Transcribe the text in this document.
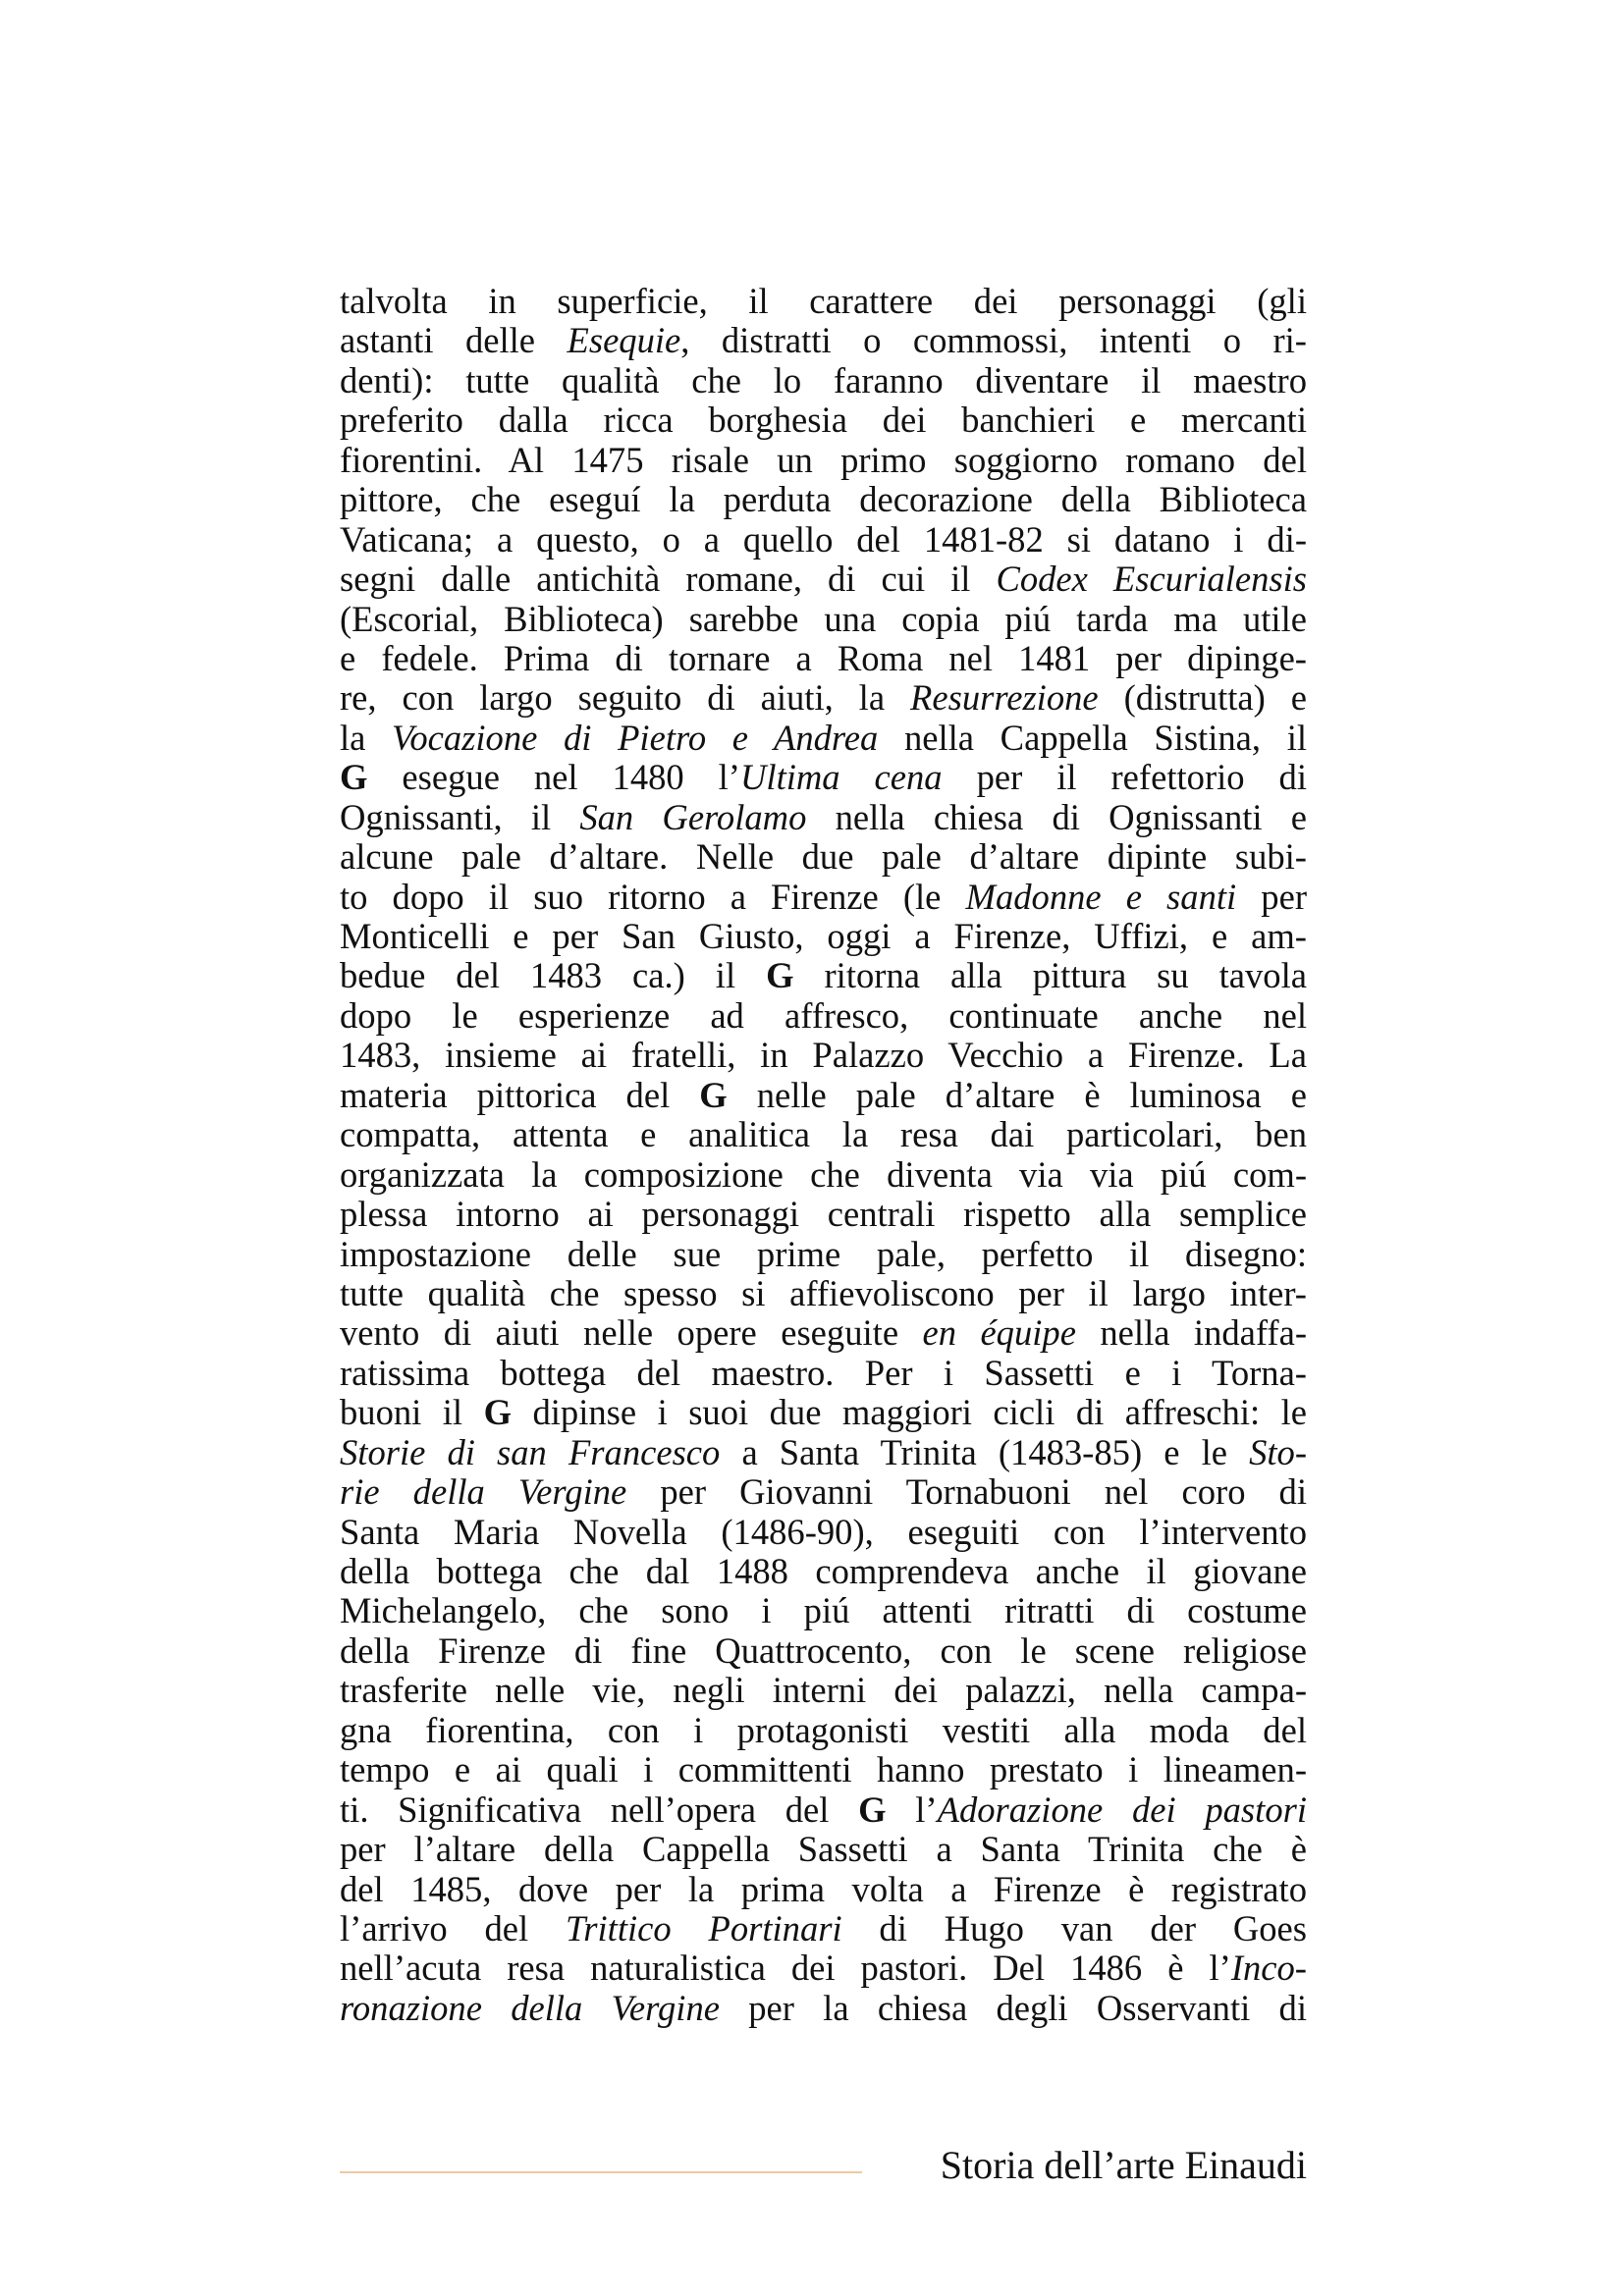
talvolta in superficie, il carattere dei personaggi (gli
astanti delle Esequie, distratti o commossi, intenti o ri-
denti): tutte qualità che lo faranno diventare il maestro
preferito dalla ricca borghesia dei banchieri e mercanti
fiorentini. Al 1475 risale un primo soggiorno romano del
pittore, che eseguí la perduta decorazione della Biblioteca
Vaticana; a questo, o a quello del 1481-82 si datano i di-
segni dalle antichità romane, di cui il Codex Escurialensis
(Escorial, Biblioteca) sarebbe una copia piú tarda ma utile
e fedele. Prima di tornare a Roma nel 1481 per dipinge-
re, con largo seguito di aiuti, la Resurrezione (distrutta) e
la Vocazione di Pietro e Andrea nella Cappella Sistina, il
G esegue nel 1480 l’Ultima cena per il refettorio di
Ognissanti, il San Gerolamo nella chiesa di Ognissanti e
alcune pale d’altare. Nelle due pale d’altare dipinte subi-
to dopo il suo ritorno a Firenze (le Madonne e santi per
Monticelli e per San Giusto, oggi a Firenze, Uffizi, e am-
bedue del 1483 ca.) il G ritorna alla pittura su tavola
dopo le esperienze ad affresco, continuate anche nel
1483, insieme ai fratelli, in Palazzo Vecchio a Firenze. La
materia pittorica del G nelle pale d’altare è luminosa e
compatta, attenta e analitica la resa dai particolari, ben
organizzata la composizione che diventa via via piú com-
plessa intorno ai personaggi centrali rispetto alla semplice
impostazione delle sue prime pale, perfetto il disegno:
tutte qualità che spesso si affievoliscono per il largo inter-
vento di aiuti nelle opere eseguite en équipe nella indaffa-
ratissima bottega del maestro. Per i Sassetti e i Torna-
buoni il G dipinse i suoi due maggiori cicli di affreschi: le
Storie di san Francesco a Santa Trinita (1483-85) e le Sto-
rie della Vergine per Giovanni Tornabuoni nel coro di
Santa Maria Novella (1486-90), eseguiti con l’intervento
della bottega che dal 1488 comprendeva anche il giovane
Michelangelo, che sono i piú attenti ritratti di costume
della Firenze di fine Quattrocento, con le scene religiose
trasferite nelle vie, negli interni dei palazzi, nella campa-
gna fiorentina, con i protagonisti vestiti alla moda del
tempo e ai quali i committenti hanno prestato i lineamen-
ti. Significativa nell’opera del G l’Adorazione dei pastori
per l’altare della Cappella Sassetti a Santa Trinita che è
del 1485, dove per la prima volta a Firenze è registrato
l’arrivo del Trittico Portinari di Hugo van der Goes
nell’acuta resa naturalistica dei pastori. Del 1486 è l’Inco-
ronazione della Vergine per la chiesa degli Osservanti di
Storia dell’arte Einaudi
